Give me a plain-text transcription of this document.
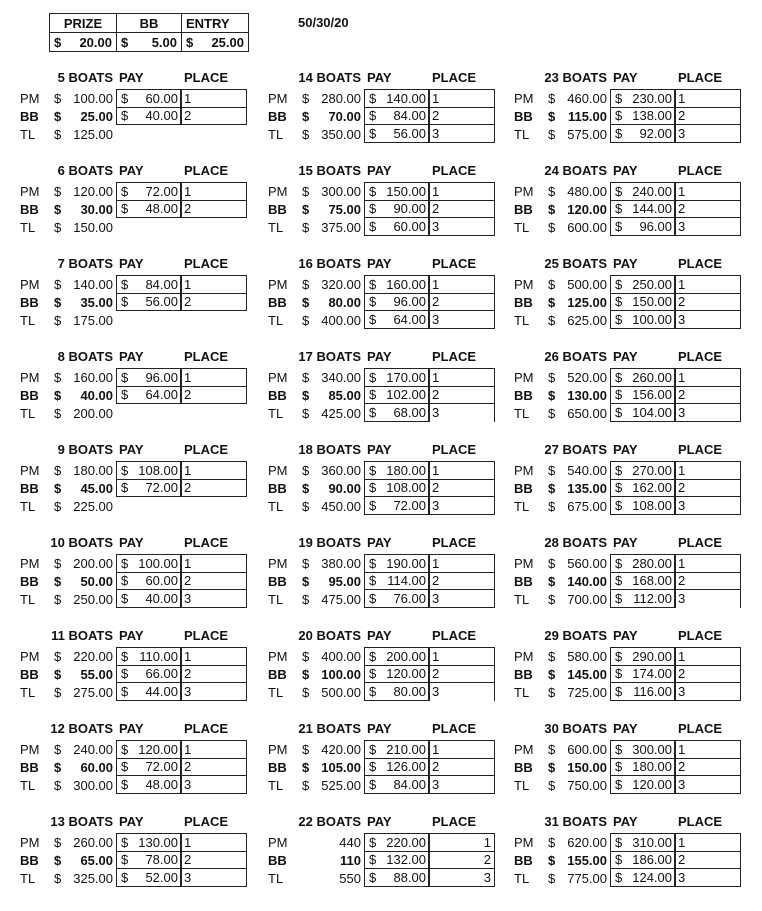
PRIZE	BB	ENTRY

$ 20.00	$ 5.00	$ 25.00
50/30/20
5 BOATS PAY	PLACE
PM	$ 100.00 $ 60.00 1
BB	$ 25.00 $ 40.00 2
TL	$ 125.00
6 BOATS PAY	PLACE
PM	$ 120.00 $ 72.00 1
BB	$ 30.00 $ 48.00 2
TL	$ 150.00
7 BOATS PAY	PLACE
PM	$ 140.00 $ 84.00 1
BB	$ 35.00 $ 56.00 2
TL	$ 175.00
8 BOATS PAY	PLACE
PM	$ 160.00 $ 96.00 1
BB	$ 40.00 $ 64.00 2
TL	$ 200.00
9 BOATS PAY	PLACE
PM	$ 180.00 $ 108.00 1
BB	$ 45.00 $ 72.00 2
TL	$ 225.00
10 BOATS PAY	PLACE
PM	$ 200.00 $ 100.00 1
BB	$ 50.00 $ 60.00 2
TL	$ 250.00 $ 40.00 3
11 BOATS PAY	PLACE
PM	$ 220.00 $ 110.00 1
BB	$ 55.00 $ 66.00 2
TL	$ 275.00 $ 44.00 3
12 BOATS PAY	PLACE
PM	$ 240.00 $ 120.00 1
BB	$ 60.00 $ 72.00 2
TL	$ 300.00 $ 48.00 3
13 BOATS PAY	PLACE
PM	$ 260.00 $ 130.00 1
BB	$ 65.00 $ 78.00 2
TL	$ 325.00 $ 52.00 3
14 BOATS PAY	PLACE
PM	$ 280.00 $ 140.00 1
BB	$ 70.00 $ 84.00 2
TL	$ 350.00 $ 56.00 3
15 BOATS PAY	PLACE
PM	$ 300.00 $ 150.00 1
BB	$ 75.00 $ 90.00 2
TL	$ 375.00 $ 60.00 3
16 BOATS PAY	PLACE
PM	$ 320.00 $ 160.00 1
BB	$ 80.00 $ 96.00 2
TL	$ 400.00 $ 64.00 3
17 BOATS PAY	PLACE
PM	$ 340.00 $ 170.00 1
BB	$ 85.00 $ 102.00 2
TL	$ 425.00 $ 68.00 3
18 BOATS PAY	PLACE
PM	$ 360.00 $ 180.00 1
BB	$ 90.00 $ 108.00 2
TL	$ 450.00 $ 72.00 3
19 BOATS PAY	PLACE
PM	$ 380.00 $ 190.00 1
BB	$ 95.00 $ 114.00 2
TL	$ 475.00 $ 76.00 3
20 BOATS PAY	PLACE
PM	$ 400.00 $ 200.00 1
BB	$ 100.00 $ 120.00 2
TL	$ 500.00 $ 80.00 3
21 BOATS PAY	PLACE
PM	$ 420.00 $ 210.00 1
BB	$ 105.00 $ 126.00 2
TL	$ 525.00 $ 84.00 3
22 BOATS PAY	PLACE
PM	440 $ 220.00	1
BB	110 $ 132.00	2
TL	550 $ 88.00	3
23 BOATS PAY	PLACE
PM	$ 460.00 $ 230.00 1
BB	$ 115.00 $ 138.00 2
TL	$ 575.00 $ 92.00 3
24 BOATS PAY	PLACE
PM	$ 480.00 $ 240.00 1
BB	$ 120.00 $ 144.00 2
TL	$ 600.00 $ 96.00 3
25 BOATS PAY	PLACE
PM	$ 500.00 $ 250.00 1
BB	$ 125.00 $ 150.00 2
TL	$ 625.00 $ 100.00 3
26 BOATS PAY	PLACE
PM	$ 520.00 $ 260.00 1
BB	$ 130.00 $ 156.00 2
TL	$ 650.00 $ 104.00 3
27 BOATS PAY	PLACE
PM	$ 540.00 $ 270.00 1
BB	$ 135.00 $ 162.00 2
TL	$ 675.00 $ 108.00 3
28 BOATS PAY	PLACE
PM	$ 560.00 $ 280.00 1
BB	$ 140.00 $ 168.00 2
TL	$ 700.00 $ 112.00 3
29 BOATS PAY	PLACE
PM	$ 580.00 $ 290.00 1
BB	$ 145.00 $ 174.00 2
TL	$ 725.00 $ 116.00 3
30 BOATS PAY	PLACE
PM	$ 600.00 $ 300.00 1
BB	$ 150.00 $ 180.00 2
TL	$ 750.00 $ 120.00 3
31 BOATS PAY	PLACE
PM	$ 620.00 $ 310.00 1
BB	$ 155.00 $ 186.00 2
TL	$ 775.00 $ 124.00 3
